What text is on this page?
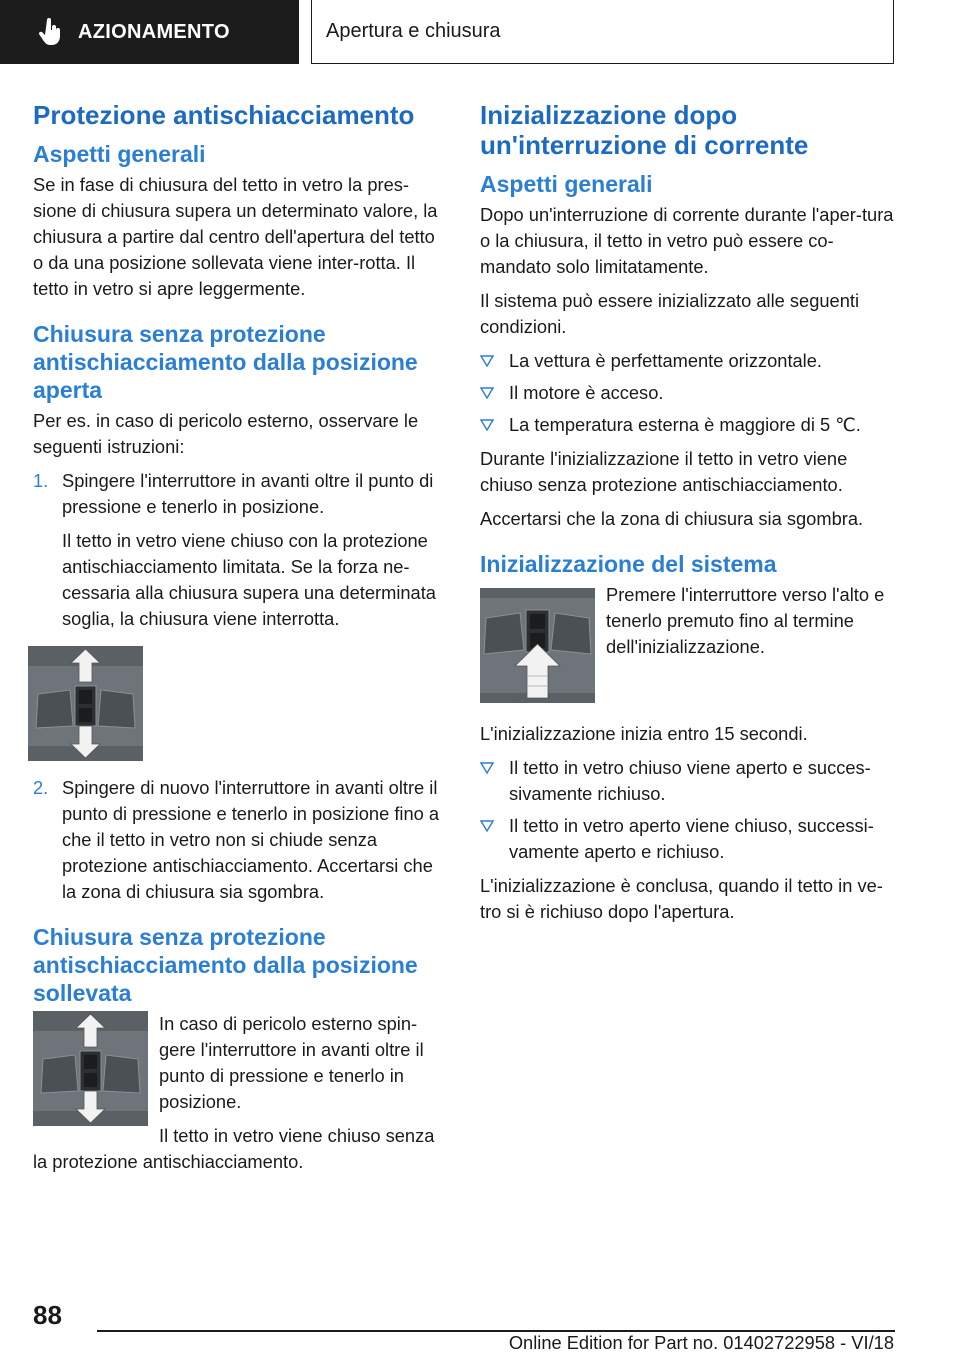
AZIONAMENTO	Apertura e chiusura
Protezione antischiacciamento
Aspetti generali

Se in fase di chiusura del tetto in vetro la pres-sione di chiusura supera un determinato valore, la chiusura a partire dal centro dell'apertura del tetto o da una posizione sollevata viene inter-rotta. Il tetto in vetro si apre leggermente.

Chiusura senza protezione antischiacciamento dalla posizione aperta

Per es. in caso di pericolo esterno, osservare le seguenti istruzioni:

1. Spingere l'interruttore in avanti oltre il punto di pressione e tenerlo in posizione.

Il tetto in vetro viene chiuso con la protezione antischiacciamento limitata. Se la forza ne-cessaria alla chiusura supera una determinata soglia, la chiusura viene interrotta.

2. Spingere di nuovo l'interruttore in avanti oltre il punto di pressione e tenerlo in posizione fino a che il tetto in vetro non si chiude senza protezione antischiacciamento. Accertarsi che la zona di chiusura sia sgombra.

Chiusura senza protezione antischiacciamento dalla posizione sollevata

In caso di pericolo esterno spin-gere l'interruttore in avanti oltre il punto di pressione e tenerlo in posizione.

Il tetto in vetro viene chiuso senza la protezione antischiacciamento.

Inizializzazione dopo un'interruzione di corrente
Aspetti generali

Dopo un'interruzione di corrente durante l'aper-tura o la chiusura, il tetto in vetro può essere co-mandato solo limitatamente.

Il sistema può essere inizializzato alle seguenti condizioni.

La vettura è perfettamente orizzontale.
Il motore è acceso.
La temperatura esterna è maggiore di 5 ℃.

Durante l'inizializzazione il tetto in vetro viene chiuso senza protezione antischiacciamento.

Accertarsi che la zona di chiusura sia sgombra.

Inizializzazione del sistema

Premere l'interruttore verso l'alto e tenerlo premuto fino al termine dell'inizializzazione.

L'inizializzazione inizia entro 15 secondi.

Il tetto in vetro chiuso viene aperto e succes-sivamente richiuso.
Il tetto in vetro aperto viene chiuso, successi-vamente aperto e richiuso.

L'inizializzazione è conclusa, quando il tetto in ve-tro si è richiuso dopo l'apertura.

88
Online Edition for Part no. 01402722958 - VI/18
